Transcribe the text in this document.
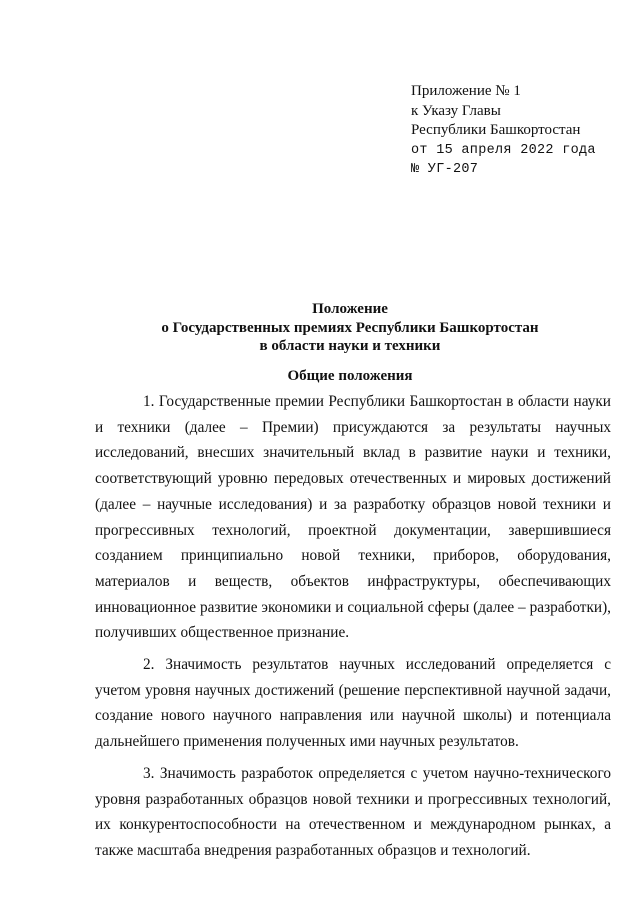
Приложение № 1
к Указу Главы
Республики Башкортостан
от 15 апреля 2022 года
№ УГ-207
Положение
о Государственных премиях Республики Башкортостан
в области науки и техники
Общие положения

1. Государственные премии Республики Башкортостан в области науки и техники (далее – Премии) присуждаются за результаты научных исследований, внесших значительный вклад в развитие науки и техники, соответствующий уровню передовых отечественных и мировых достижений (далее – научные исследования) и за разработку образцов новой техники и прогрессивных технологий, проектной документации, завершившиеся созданием принципиально новой техники, приборов, оборудования, материалов и веществ, объектов инфраструктуры, обеспечивающих инновационное развитие экономики и социальной сферы (далее – разработки), получивших общественное признание.

2. Значимость результатов научных исследований определяется с учетом уровня научных достижений (решение перспективной научной задачи, создание нового научного направления или научной школы) и потенциала дальнейшего применения полученных ими научных результатов.

3. Значимость разработок определяется с учетом научно-технического уровня разработанных образцов новой техники и прогрессивных технологий, их конкурентоспособности на отечественном и международном рынках, а также масштаба внедрения разработанных образцов и технологий.
